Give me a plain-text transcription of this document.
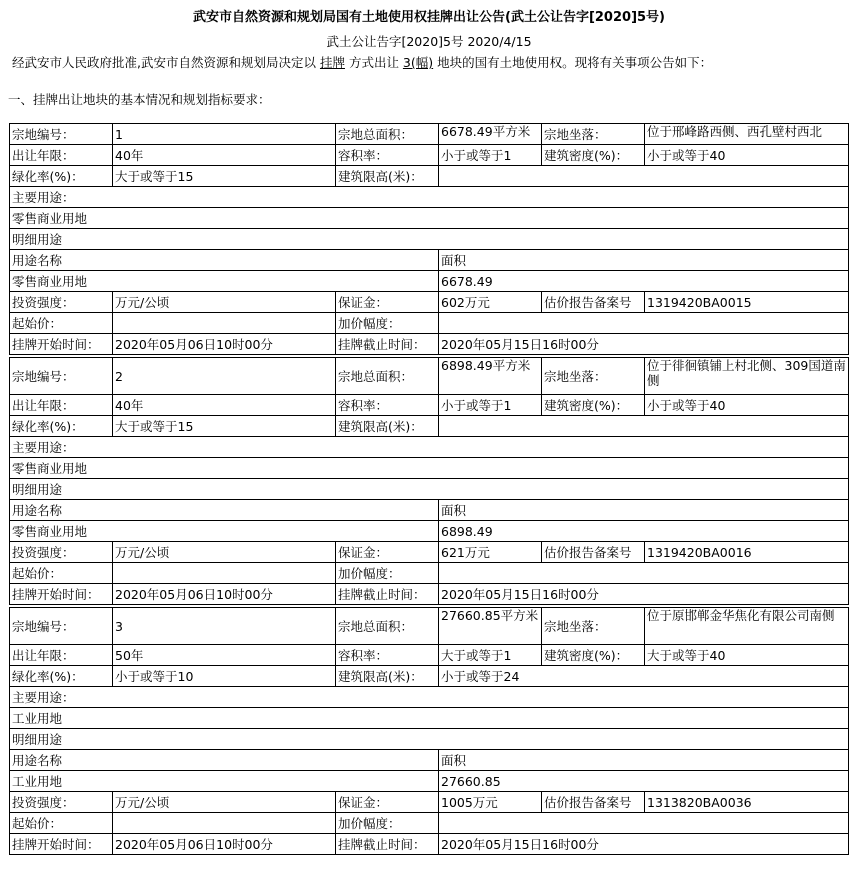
武安市自然资源和规划局国有土地使用权挂牌出让公告(武土公让告字[2020]5号)
武土公让告字[2020]5号 2020/4/15
经武安市人民政府批准,武安市自然资源和规划局决定以 挂牌 方式出让 3(幅) 地块的国有土地使用权。现将有关事项公告如下：
一、挂牌出让地块的基本情况和规划指标要求：
宗地编号：	1	宗地总面积：	6678.49平方米	宗地坐落：	位于邢峰路西侧、西孔壁村西北
出让年限：	40年	容积率：	小于或等于1	建筑密度(%)：	小于或等于40
绿化率(%)：	大于或等于15	建筑限高(米)：			
主要用途：					
零售商业用地					
明细用途					
用途名称			面积		
零售商业用地			6678.49		
投资强度：	万元/公顷	保证金：	602万元	估价报告备案号	1319420BA0015
起始价：		加价幅度：			
挂牌开始时间：	2020年05月06日10时00分	挂牌截止时间：	2020年05月15日16时00分		
宗地编号：	2	宗地总面积：	6898.49平方米	宗地坐落：	位于徘徊镇铺上村北侧、309国道南侧
出让年限：	40年	容积率：	小于或等于1	建筑密度(%)：	小于或等于40
绿化率(%)：	大于或等于15	建筑限高(米)：			
主要用途：					
零售商业用地					
明细用途					
用途名称			面积		
零售商业用地			6898.49		
投资强度：	万元/公顷	保证金：	621万元	估价报告备案号	1319420BA0016
起始价：		加价幅度：			
挂牌开始时间：	2020年05月06日10时00分	挂牌截止时间：	2020年05月15日16时00分		
宗地编号：	3	宗地总面积：	27660.85平方米	宗地坐落：	位于原邯郸金华焦化有限公司南侧
出让年限：	50年	容积率：	大于或等于1	建筑密度(%)：	大于或等于40
绿化率(%)：	小于或等于10	建筑限高(米)：	小于或等于24		
主要用途：					
工业用地					
明细用途					
用途名称			面积		
工业用地			27660.85		
投资强度：	万元/公顷	保证金：	1005万元	估价报告备案号	1313820BA0036
起始价：		加价幅度：			
挂牌开始时间：	2020年05月06日10时00分	挂牌截止时间：	2020年05月15日16时00分		
